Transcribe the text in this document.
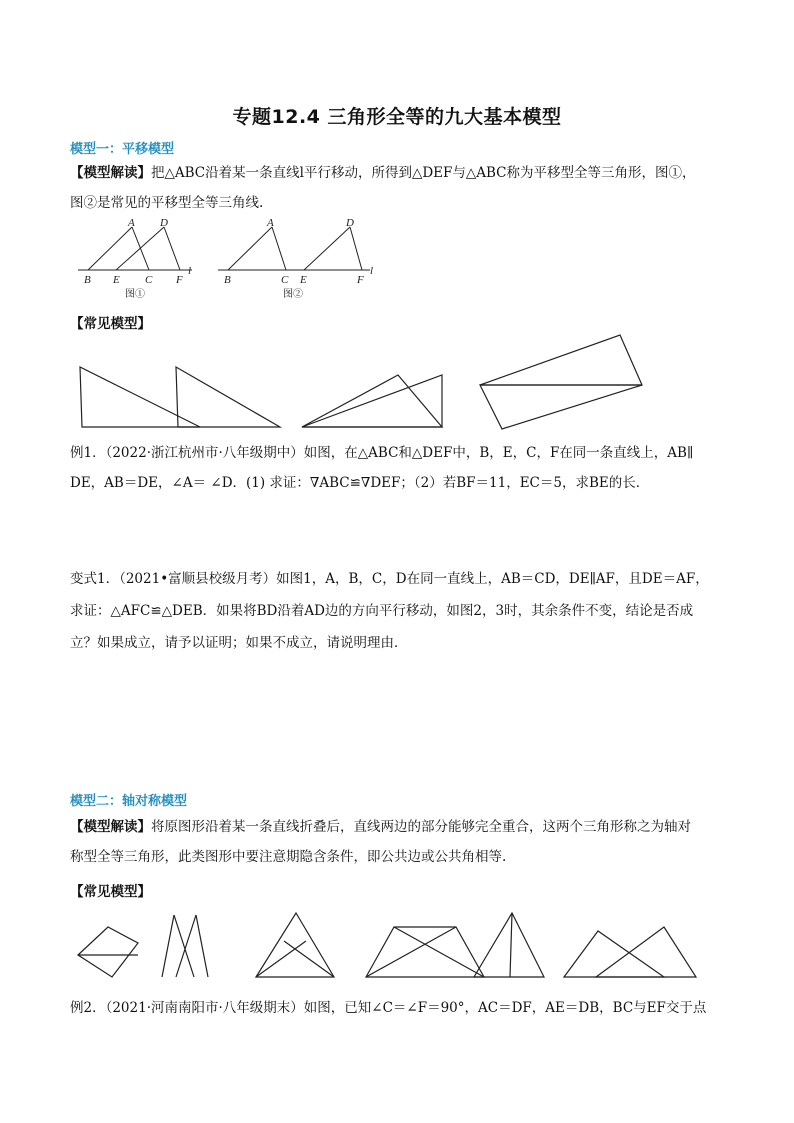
专题12.4 三角形全等的九大基本模型
模型一：平移模型
【模型解读】把△ABC沿着某一条直线l平行移动，所得到△DEF与△ABC称为平移型全等三角形，图①，
图②是常见的平移型全等三角线.
A D
B E C F
l
图①
A	D
B	C E	F
l
图②
【常见模型】
例1．（2022·浙江杭州市·八年级期中）如图，在△ABC和△DEF中，B，E，C，F在同一条直线上，AB∥
DE，AB＝DE，∠A＝ ∠D．(1) 求证：∇ABC≌∇DEF；（2）若BF＝11，EC＝5，求BE的长．
变式1．（2021•富顺县校级月考）如图1，A，B，C，D在同一直线上，AB＝CD，DE∥AF，且DE＝AF，
求证：△AFC≌△DEB．如果将BD沿着AD边的方向平行移动，如图2，3时，其余条件不变，结论是否成
立？如果成立，请予以证明；如果不成立，请说明理由．
模型二：轴对称模型
【模型解读】将原图形沿着某一条直线折叠后，直线两边的部分能够完全重合，这两个三角形称之为轴对
称型全等三角形，此类图形中要注意期隐含条件，即公共边或公共角相等.
【常见模型】
例2．（2021·河南南阳市·八年级期末）如图，已知∠C＝∠F＝90°，AC＝DF，AE＝DB，BC与EF交于点
